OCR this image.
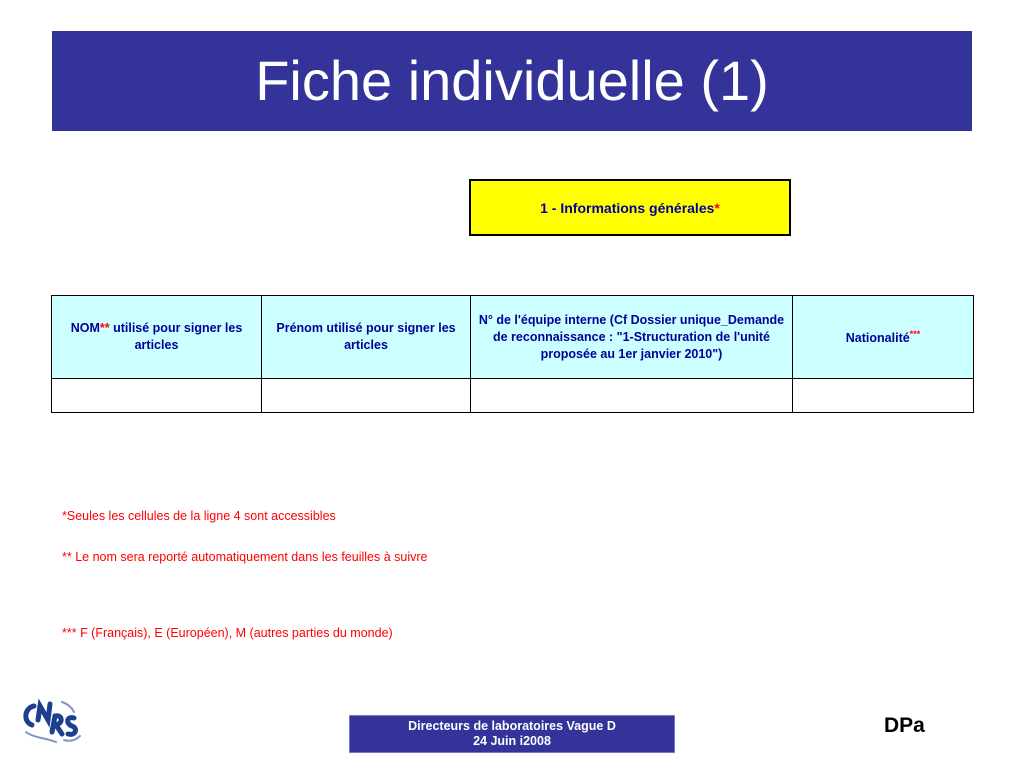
Fiche individuelle (1)
1 - Informations générales *
NOM** utilisé pour signer les articles	Prénom utilisé pour signer les articles	N° de l'équipe interne (Cf Dossier unique_Demande de reconnaissance : "1-Structuration de l'unité proposée au 1er janvier 2010")	Nationalité***

*Seules les cellules de la ligne 4 sont accessibles

** Le nom sera reporté automatiquement dans les feuilles à suivre

*** F (Français), E (Européen), M (autres parties du monde)

Directeurs de laboratoires Vague D
24 Juin i2008
DPa
